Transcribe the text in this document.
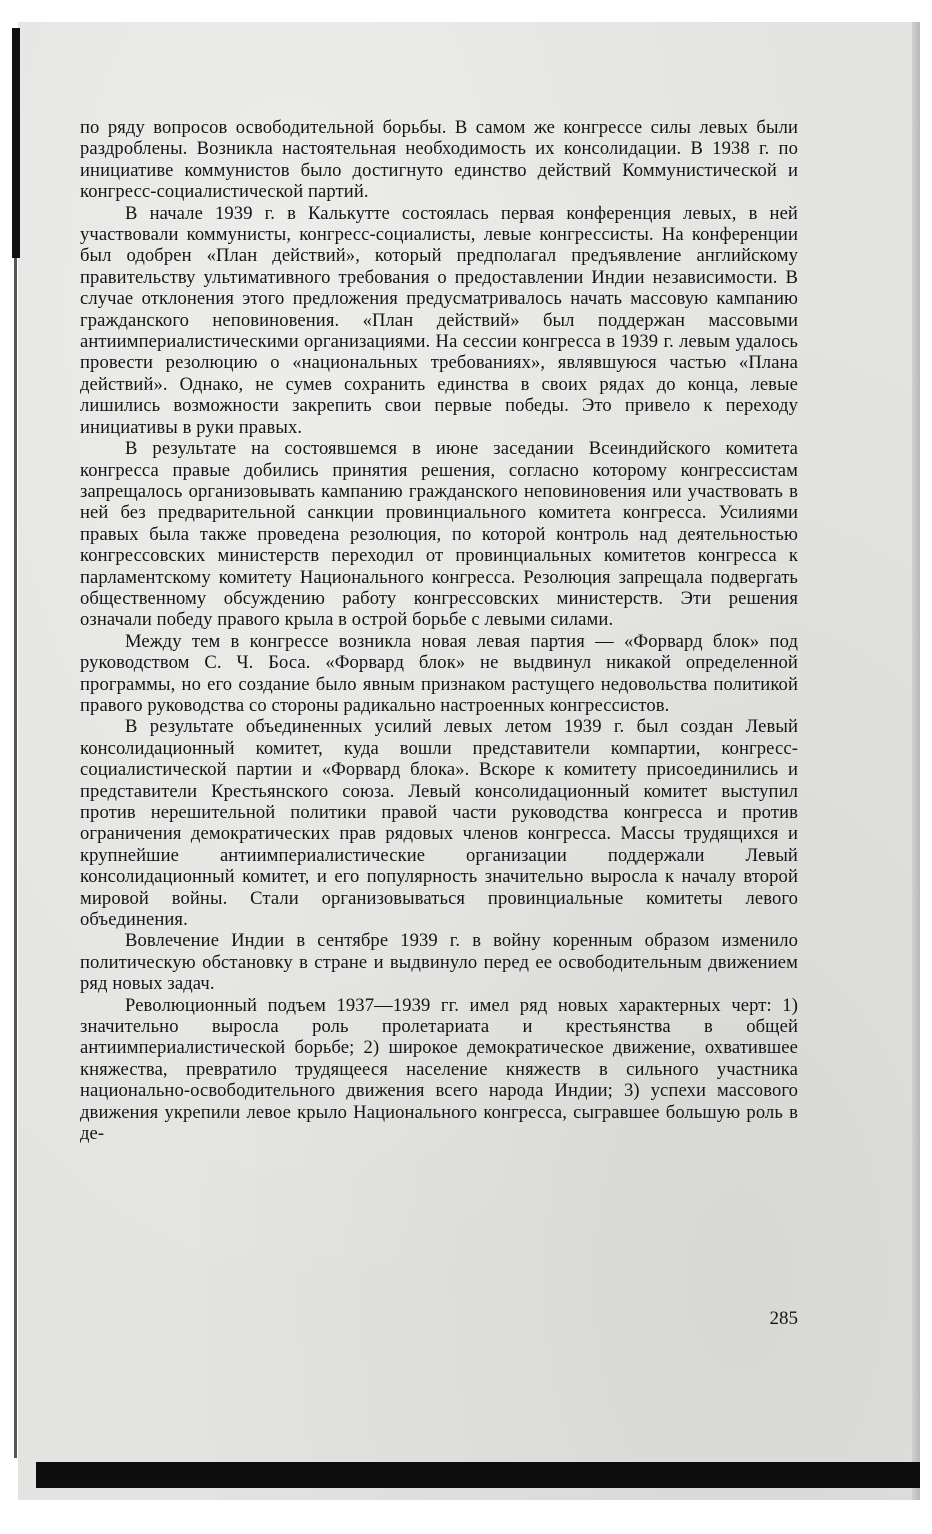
по ряду вопросов освободительной борьбы. В самом же конгрессе силы левых были раздроблены. Возникла настоятельная необходимость их консолидации. В 1938 г. по инициативе коммунистов было достигнуто единство действий Коммунистической и конгресс-социалистической партий.

В начале 1939 г. в Калькутте состоялась первая конференция левых, в ней участвовали коммунисты, конгресс-социалисты, левые конгрессисты. На конференции был одобрен «План действий», который предполагал предъявление английскому правительству ультимативного требования о предоставлении Индии независимости. В случае отклонения этого предложения предусматривалось начать массовую кампанию гражданского неповиновения. «План действий» был поддержан массовыми антиимпериалистическими организациями. На сессии конгресса в 1939 г. левым удалось провести резолюцию о «национальных требованиях», являвшуюся частью «Плана действий». Однако, не сумев сохранить единства в своих рядах до конца, левые лишились возможности закрепить свои первые победы. Это привело к переходу инициативы в руки правых.

В результате на состоявшемся в июне заседании Всеиндийского комитета конгресса правые добились принятия решения, согласно которому конгрессистам запрещалось организовывать кампанию гражданского неповиновения или участвовать в ней без предварительной санкции провинциального комитета конгресса. Усилиями правых была также проведена резолюция, по которой контроль над деятельностью конгрессовских министерств переходил от провинциальных комитетов конгресса к парламентскому комитету Национального конгресса. Резолюция запрещала подвергать общественному обсуждению работу конгрессовских министерств. Эти решения означали победу правого крыла в острой борьбе с левыми силами.

Между тем в конгрессе возникла новая левая партия — «Форвард блок» под руководством С. Ч. Боса. «Форвард блок» не выдвинул никакой определенной программы, но его создание было явным признаком растущего недовольства политикой правого руководства со стороны радикально настроенных конгрессистов.

В результате объединенных усилий левых летом 1939 г. был создан Левый консолидационный комитет, куда вошли представители компартии, конгресс-социалистической партии и «Форвард блока». Вскоре к комитету присоединились и представители Крестьянского союза. Левый консолидационный комитет выступил против нерешительной политики правой части руководства конгресса и против ограничения демократических прав рядовых членов конгресса. Массы трудящихся и крупнейшие антиимпериалистические организации поддержали Левый консолидационный комитет, и его популярность значительно выросла к началу второй мировой войны. Стали организовываться провинциальные комитеты левого объединения.

Вовлечение Индии в сентябре 1939 г. в войну коренным образом изменило политическую обстановку в стране и выдвинуло перед ее освободительным движением ряд новых задач.

Революционный подъем 1937—1939 гг. имел ряд новых характерных черт: 1) значительно выросла роль пролетариата и крестьянства в общей антиимпериалистической борьбе; 2) широкое демократическое движение, охватившее княжества, превратило трудящееся население княжеств в сильного участника национально-освободительного движения всего народа Индии; 3) успехи массового движения укрепили левое крыло Национального конгресса, сыгравшее большую роль в де-

285
